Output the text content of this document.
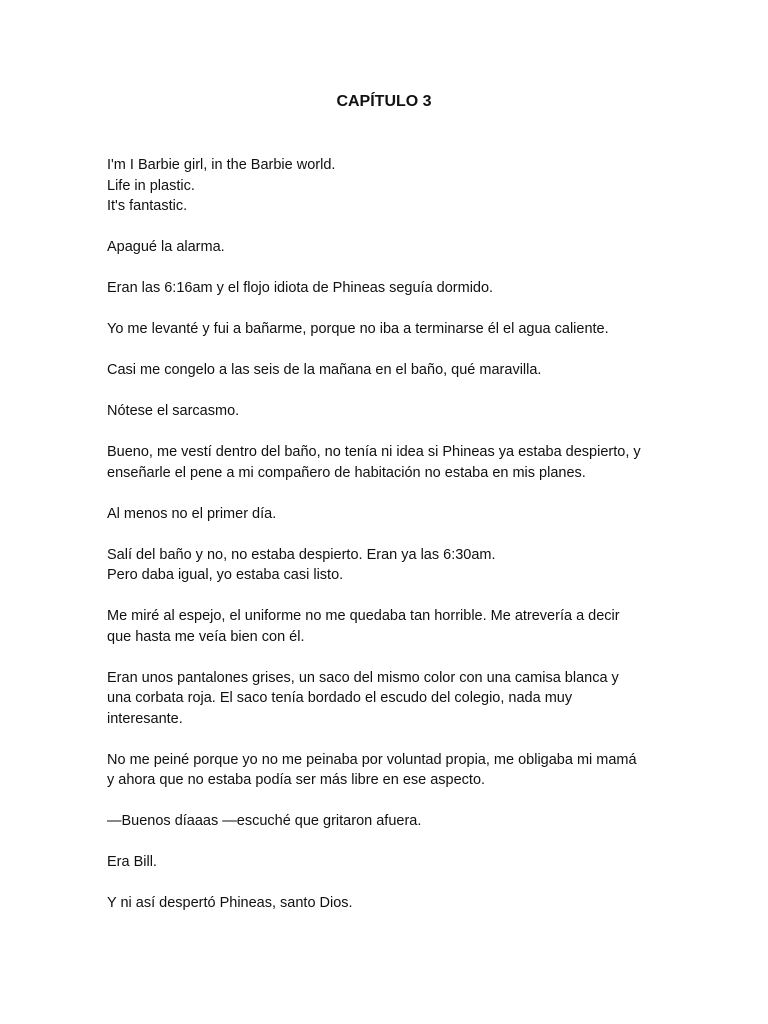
CAPÍTULO 3

I'm I Barbie girl, in the Barbie world.
Life in plastic.
It's fantastic.

Apagué la alarma.

Eran las 6:16am y el flojo idiota de Phineas seguía dormido.

Yo me levanté y fui a bañarme, porque no iba a terminarse él el agua caliente.

Casi me congelo a las seis de la mañana en el baño, qué maravilla.

Nótese el sarcasmo.

Bueno, me vestí dentro del baño, no tenía ni idea si Phineas ya estaba despierto, y
enseñarle el pene a mi compañero de habitación no estaba en mis planes.

Al menos no el primer día.

Salí del baño y no, no estaba despierto. Eran ya las 6:30am.
Pero daba igual, yo estaba casi listo.

Me miré al espejo, el uniforme no me quedaba tan horrible. Me atrevería a decir
que hasta me veía bien con él.

Eran unos pantalones grises, un saco del mismo color con una camisa blanca y
una corbata roja. El saco tenía bordado el escudo del colegio, nada muy
interesante.

No me peiné porque yo no me peinaba por voluntad propia, me obligaba mi mamá
y ahora que no estaba podía ser más libre en ese aspecto.

—Buenos díaaas —escuché que gritaron afuera.

Era Bill.

Y ni así despertó Phineas, santo Dios.
